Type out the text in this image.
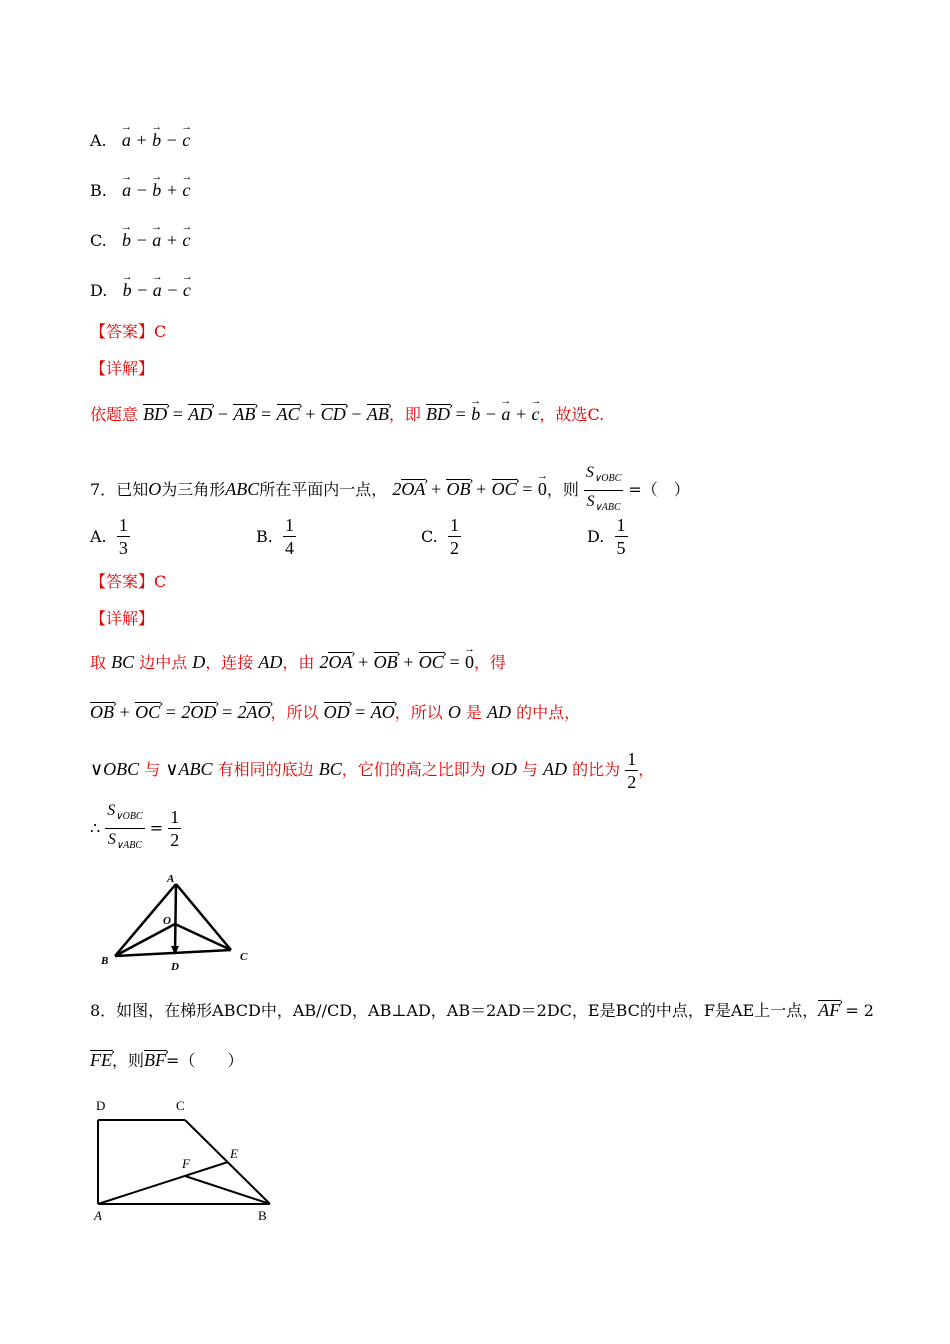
A. → a + → b − → c
B. → a − → b + → c
C. → b − → a + → c
D. → b − → a − → c
【答案】C
【详解】
依题意 BD › = AD › − AB › = AC › + CD › − AB ›，即 BD › = → b − → a + → c，故选C.
7．已知O为三角形ABC所在平面内一点， 2OA › + OB › + OC › = → 0，则 $\frac{S_{\vee OBC}}{S_{\vee ABC}}$ =（　）
A. $\frac{1}{3}$	B. $\frac{1}{4}$	C. $\frac{1}{2}$	D. $\frac{1}{5}$
【答案】C
【详解】
取 BC 边中点 D，连接 AD，由 2OA › + OB › + OC › = → 0，得
OB › + OC › = 2OD › = 2AO ›，所以 OD › = AO ›，所以 O 是 AD 的中点，
∨OBC 与 ∨ABC 有相同的底边 BC，它们的高之比即为 OD 与 AD 的比为 $\frac{1}{2}$ ，
∴ $\frac{S_{\vee OBC}}{S_{\vee ABC}} = \frac{1}{2}$
A
O
B	C
D
8．如图，在梯形ABCD中，AB//CD，AB⊥AD，AB＝2AD＝2DC，E是BC的中点，F是AE上一点，AF › = 2
FE ›，则BF ›=（　　）
D	C
E
F
A	B
